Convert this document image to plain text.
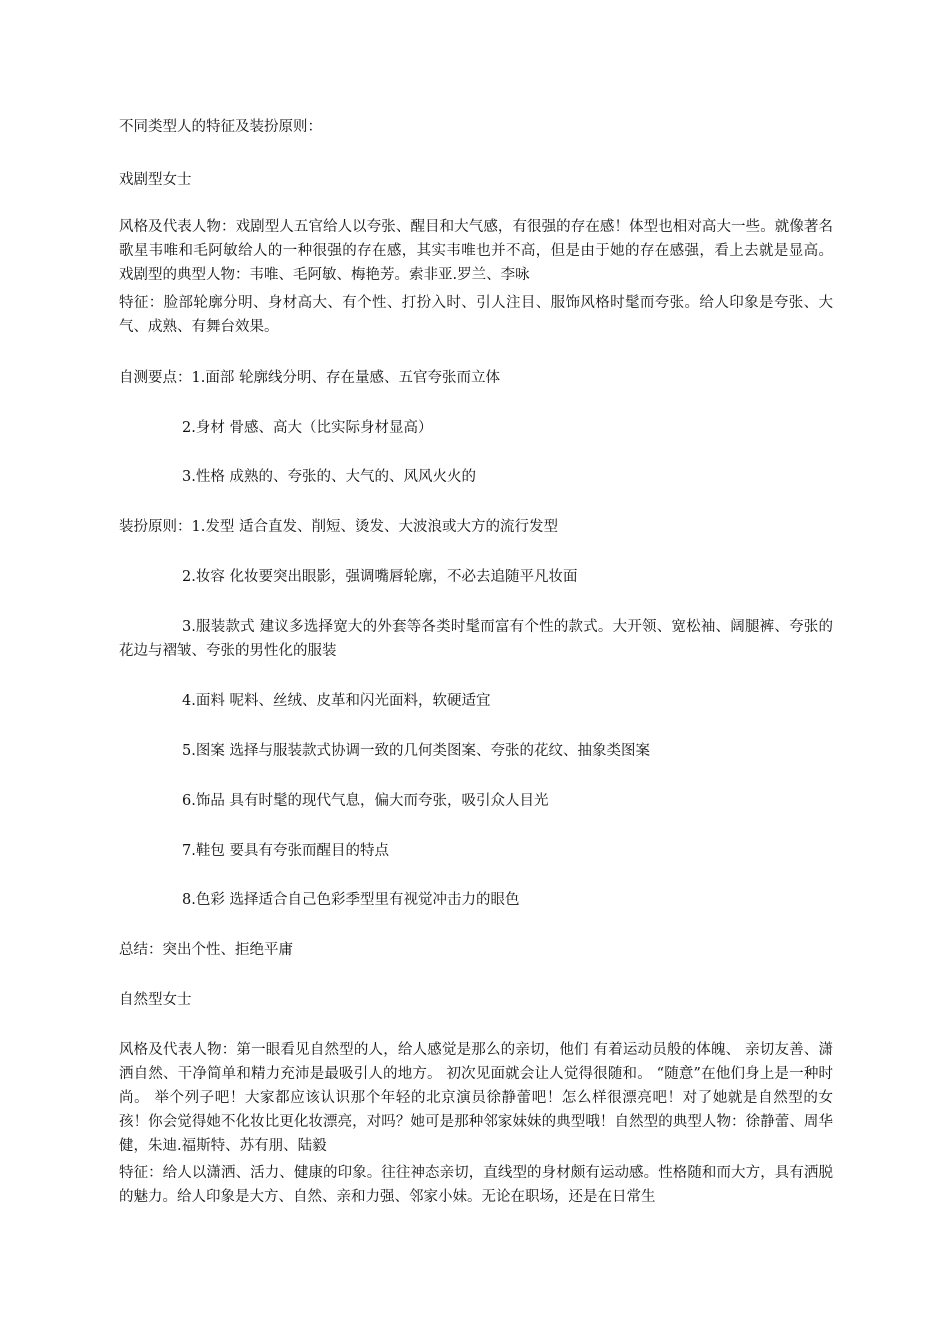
不同类型人的特征及装扮原则：
戏剧型女士
风格及代表人物：戏剧型人五官给人以夸张、醒目和大气感，有很强的存在感！体型也相对高大一些。就像著名歌星韦唯和毛阿敏给人的一种很强的存在感，其实韦唯也并不高，但是由于她的存在感强，看上去就是显高。 戏剧型的典型人物：韦唯、毛阿敏、梅艳芳。索非亚.罗兰、李咏
特征：脸部轮廓分明、身材高大、有个性、打扮入时、引人注目、服饰风格时髦而夸张。给人印象是夸张、大气、成熟、有舞台效果。
自测要点：1.面部 轮廓线分明、存在量感、五官夸张而立体
2.身材 骨感、高大（比实际身材显高）
3.性格 成熟的、夸张的、大气的、风风火火的
装扮原则：1.发型 适合直发、削短、烫发、大波浪或大方的流行发型
2.妆容 化妆要突出眼影，强调嘴唇轮廓，不必去追随平凡妆面
3.服装款式 建议多选择宽大的外套等各类时髦而富有个性的款式。大开领、宽松袖、阔腿裤、夸张的花边与褶皱、夸张的男性化的服装
4.面料 呢料、丝绒、皮革和闪光面料，软硬适宜
5.图案 选择与服装款式协调一致的几何类图案、夸张的花纹、抽象类图案
6.饰品 具有时髦的现代气息，偏大而夸张，吸引众人目光
7.鞋包 要具有夸张而醒目的特点
8.色彩 选择适合自己色彩季型里有视觉冲击力的眼色
总结：突出个性、拒绝平庸
自然型女士
风格及代表人物：第一眼看见自然型的人，给人感觉是那么的亲切，他们 有着运动员般的体魄、 亲切友善、潇洒自然、干净简单和精力充沛是最吸引人的地方。 初次见面就会让人觉得很随和。 “随意”在他们身上是一种时尚。 举个列子吧！大家都应该认识那个年轻的北京演员徐静蕾吧！怎么样很漂亮吧！对了她就是自然型的女孩！你会觉得她不化妆比更化妆漂亮，对吗？她可是那种邻家妹妹的典型哦！自然型的典型人物：徐静蕾、周华健，朱迪.福斯特、苏有朋、陆毅
特征：给人以潇洒、活力、健康的印象。往往神态亲切，直线型的身材颇有运动感。性格随和而大方，具有洒脱的魅力。给人印象是大方、自然、亲和力强、邻家小妹。无论在职场，还是在日常生
